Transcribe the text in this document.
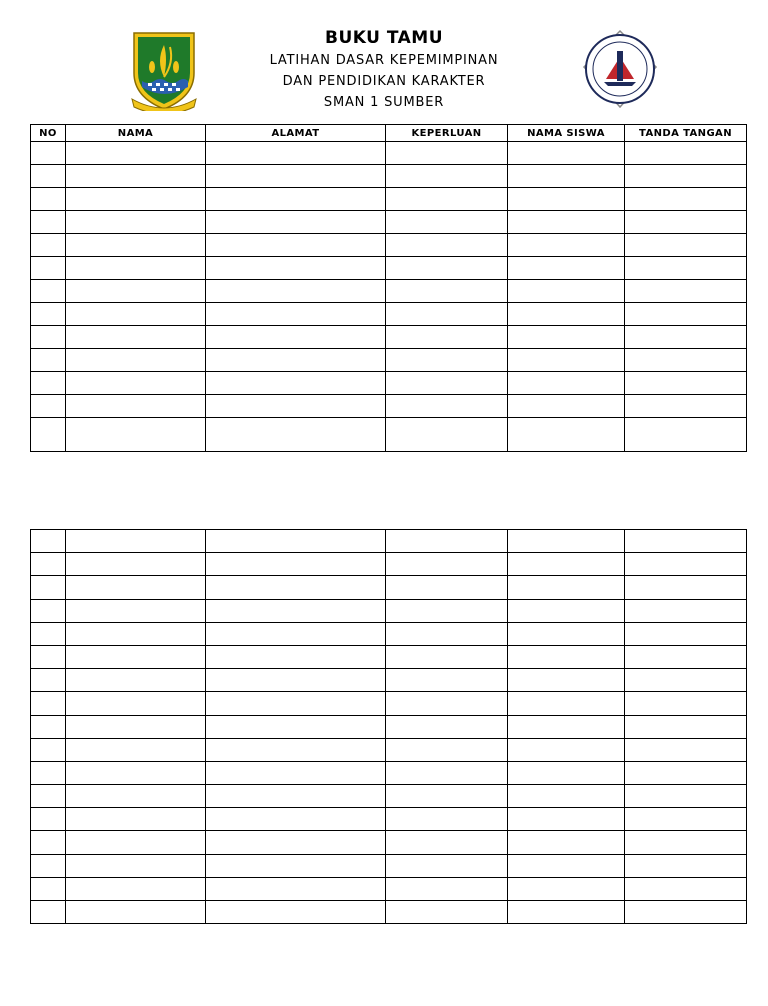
BUKU TAMU
LATIHAN DASAR KEPEMIMPINAN
DAN PENDIDIKAN KARAKTER
SMAN 1 SUMBER
NO	NAMA	ALAMAT	KEPERLUAN	NAMA SISWA	TANDA TANGAN
